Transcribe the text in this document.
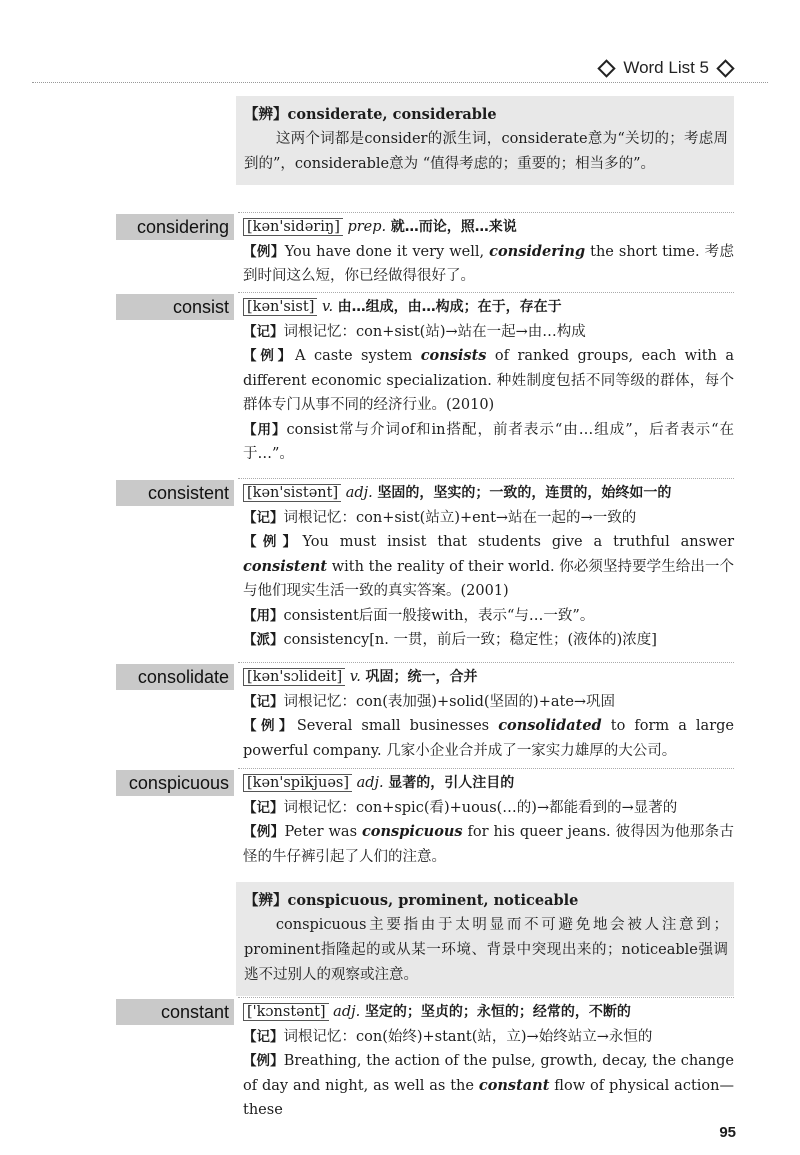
Word List 5
【辨】considerate, considerable
这两个词都是consider的派生词，considerate意为“关切的；考虑周到的”，considerable意为 “值得考虑的；重要的；相当多的”。
considering	[kən'sidəriŋ] prep. 就…而论，照…来说
【例】You have done it very well, considering the short time. 考虑到时间这么短，你已经做得很好了。
consist	[kən'sist] v. 由…组成，由…构成；在于，存在于
【记】词根记忆：con+sist(站)→站在一起→由…构成
【例】A caste system consists of ranked groups, each with a different economic specialization. 种姓制度包括不同等级的群体，每个群体专门从事不同的经济行业。(2010)
【用】consist常与介词of和in搭配，前者表示“由…组成”，后者表示“在于…”。
consistent	[kən'sistənt] adj. 坚固的，坚实的；一致的，连贯的，始终如一的
【记】词根记忆：con+sist(站立)+ent→站在一起的→一致的
【例】You must insist that students give a truthful answer consistent with the reality of their world. 你必须坚持要学生给出一个与他们现实生活一致的真实答案。(2001)
【用】consistent后面一般接with，表示“与…一致”。
【派】consistency[n. 一贯，前后一致；稳定性；(液体的)浓度]
consolidate	[kən'sɔlideit] v. 巩固；统一，合并
【记】词根记忆：con(表加强)+solid(坚固的)+ate→巩固
【例】Several small businesses consolidated to form a large powerful company. 几家小企业合并成了一家实力雄厚的大公司。
conspicuous	[kən'spikjuəs] adj. 显著的，引人注目的
【记】词根记忆：con+spic(看)+uous(…的)→都能看到的→显著的
【例】Peter was conspicuous for his queer jeans. 彼得因为他那条古怪的牛仔裤引起了人们的注意。
【辨】conspicuous, prominent, noticeable
conspicuous主要指由于太明显而不可避免地会被人注意到；prominent指隆起的或从某一环境、背景中突现出来的；noticeable强调逃不过别人的观察或注意。
constant	['kɔnstənt] adj. 坚定的；坚贞的；永恒的；经常的，不断的
【记】词根记忆：con(始终)+stant(站，立)→始终站立→永恒的
【例】Breathing, the action of the pulse, growth, decay, the change of day and night, as well as the constant flow of physical action—these
95
